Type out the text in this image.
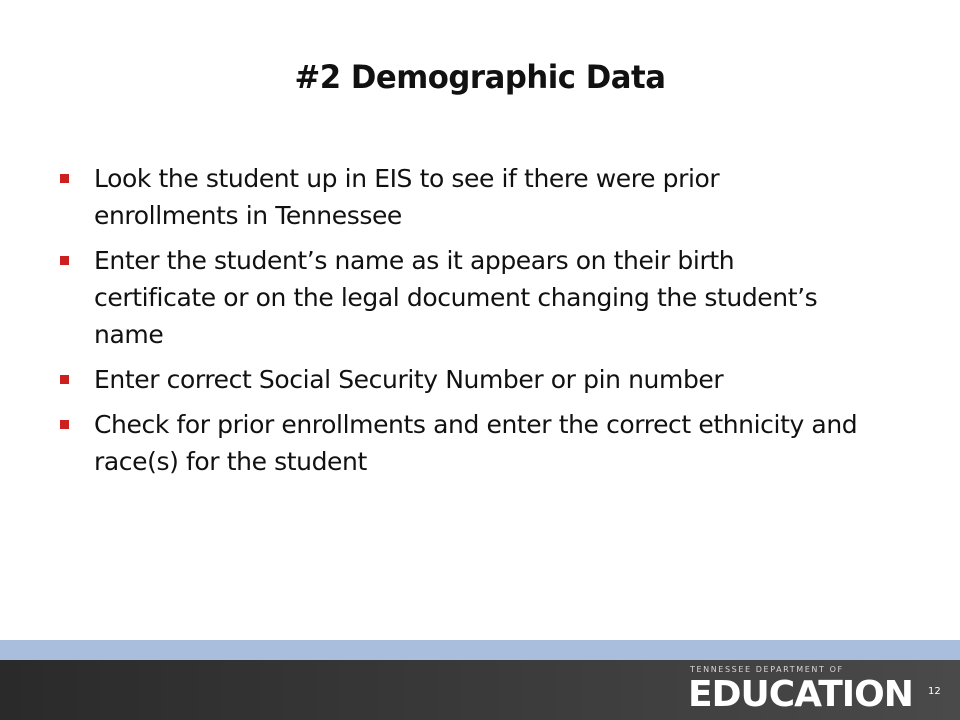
#2 Demographic Data
Look the student up in EIS to see if there were prior enrollments in Tennessee
Enter the student’s name as it appears on their birth certificate or on the legal document changing the student’s name
Enter correct Social Security Number or pin number
Check for prior enrollments and enter the correct ethnicity and race(s) for the student
TENNESSEE DEPARTMENT OF
EDUCATION 12
